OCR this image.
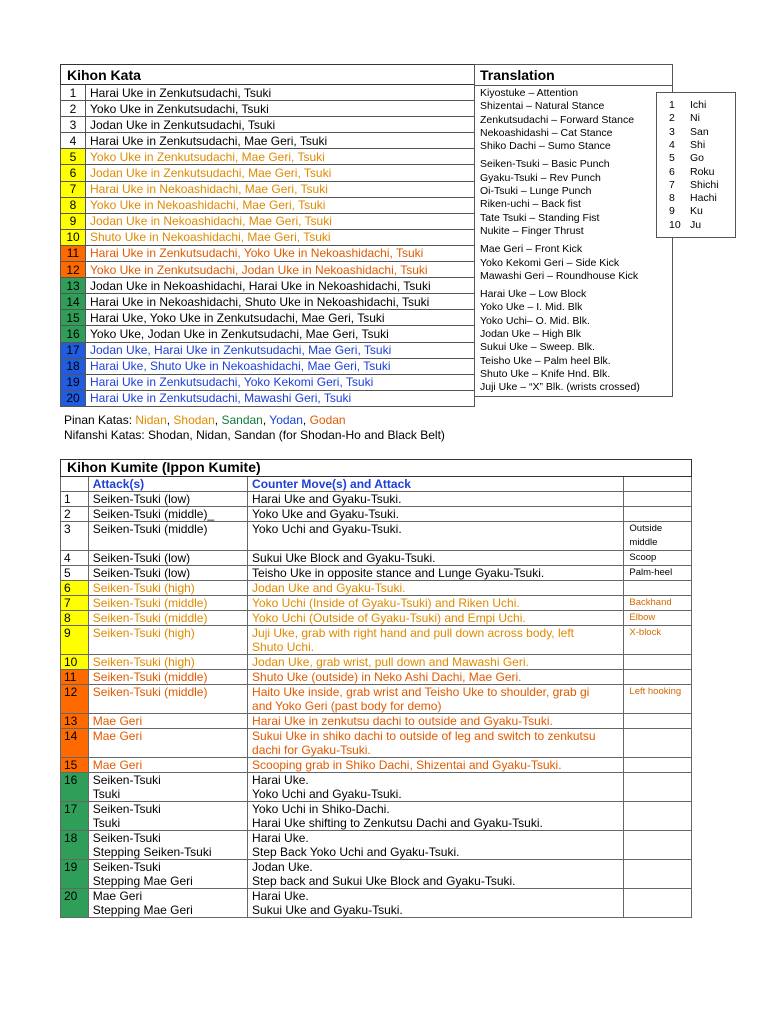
Kihon Kata	
1	Harai Uke in Zenkutsudachi, Tsuki
2	Yoko Uke in Zenkutsudachi, Tsuki
3	Jodan Uke in Zenkutsudachi, Tsuki
4	Harai Uke in Zenkutsudachi, Mae Geri, Tsuki
5	Yoko Uke in Zenkutsudachi, Mae Geri, Tsuki
6	Jodan Uke in Zenkutsudachi, Mae Geri, Tsuki
7	Harai Uke in Nekoashidachi, Mae Geri, Tsuki
8	Yoko Uke in Nekoashidachi, Mae Geri, Tsuki
9	Jodan Uke in Nekoashidachi, Mae Geri, Tsuki
10	Shuto Uke in Nekoashidachi, Mae Geri, Tsuki
11	Harai Uke in Zenkutsudachi, Yoko Uke in Nekoashidachi, Tsuki
12	Yoko Uke in Zenkutsudachi, Jodan Uke in Nekoashidachi, Tsuki
13	Jodan Uke in Nekoashidachi, Harai Uke in Nekoashidachi, Tsuki
14	Harai Uke in Nekoashidachi, Shuto Uke in Nekoashidachi, Tsuki
15	Harai Uke, Yoko Uke in Zenkutsudachi, Mae Geri, Tsuki
16	Yoko Uke, Jodan Uke in Zenkutsudachi, Mae Geri, Tsuki
17	Jodan Uke, Harai Uke in Zenkutsudachi, Mae Geri, Tsuki
18	Harai Uke, Shuto Uke in Nekoashidachi, Mae Geri, Tsuki
19	Harai Uke in Zenkutsudachi, Yoko Kekomi Geri, Tsuki
20	Harai Uke in Zenkutsudachi, Mawashi Geri, Tsuki
Translation
Kiyostuke – Attention
Shizentai – Natural Stance
Zenkutsudachi – Forward Stance
Nekoashidashi – Cat Stance
Shiko Dachi – Sumo Stance
Seiken-Tsuki – Basic Punch
Gyaku-Tsuki – Rev Punch
Oi-Tsuki – Lunge Punch
Riken-uchi – Back fist
Tate Tsuki – Standing Fist
Nukite – Finger Thrust
Mae Geri – Front Kick
Yoko Kekomi Geri – Side Kick
Mawashi Geri – Roundhouse Kick
Harai Uke – Low Block
Yoko Uke – I. Mid. Blk
Yoko Uchi– O. Mid. Blk.
Jodan Uke – High Blk
Sukui Uke – Sweep. Blk.
Teisho Uke – Palm heel Blk.
Shuto Uke – Knife Hnd. Blk.
Juji Uke – “X” Blk. (wrists crossed)
1 Ichi
2 Ni
3 San
4 Shi
5 Go
6 Roku
7 Shichi
8 Hachi
9 Ku
10 Ju
Pinan Katas: Nidan, Shodan, Sandan, Yodan, Godan
Nifanshi Katas: Shodan, Nidan, Sandan (for Shodan-Ho and Black Belt)
Kihon Kumite (Ippon Kumite)			
	Attack(s)	Counter Move(s) and Attack	
1	Seiken-Tsuki (low)	Harai Uke and Gyaku-Tsuki.	

2	Seiken-Tsuki (middle)_	Yoko Uke and Gyaku-Tsuki.	

3	Seiken-Tsuki (middle)	Yoko Uchi and Gyaku-Tsuki.	Outside middle
4	Seiken-Tsuki (low)	Sukui Uke Block and Gyaku-Tsuki.	Scoop
5	Seiken-Tsuki (low)	Teisho Uke in opposite stance and Lunge Gyaku-Tsuki.	Palm-heel
6	Seiken-Tsuki (high)	Jodan Uke and Gyaku-Tsuki.	

7	Seiken-Tsuki (middle)	Yoko Uchi (Inside of Gyaku-Tsuki) and Riken Uchi.	Backhand
8	Seiken-Tsuki (middle)	Yoko Uchi (Outside of Gyaku-Tsuki) and Empi Uchi.	Elbow
9	Seiken-Tsuki (high)	Juji Uke, grab with right hand and pull down across body, left
Shuto Uchi.	X-block
10	Seiken-Tsuki (high)	Jodan Uke, grab wrist, pull down and Mawashi Geri.	

11	Seiken-Tsuki (middle)	Shuto Uke (outside) in Neko Ashi Dachi, Mae Geri.	

12	Seiken-Tsuki (middle)	Haito Uke inside, grab wrist and Teisho Uke to shoulder, grab gi
and Yoko Geri (past body for demo)	Left hooking
13	Mae Geri	Harai Uke in zenkutsu dachi to outside and Gyaku-Tsuki.	

14	Mae Geri	Sukui Uke in shiko dachi to outside of leg and switch to zenkutsu
dachi for Gyaku-Tsuki.	

15	Mae Geri	Scooping grab in Shiko Dachi, Shizentai and Gyaku-Tsuki.	

16	Seiken-Tsuki
Tsuki	Harai Uke.
Yoko Uchi and Gyaku-Tsuki.	

17	Seiken-Tsuki
Tsuki	Yoko Uchi in Shiko-Dachi.
Harai Uke shifting to Zenkutsu Dachi and Gyaku-Tsuki.	

18	Seiken-Tsuki
Stepping Seiken-Tsuki	Harai Uke.
Step Back Yoko Uchi and Gyaku-Tsuki.	

19	Seiken-Tsuki
Stepping Mae Geri	Jodan Uke.
Step back and Sukui Uke Block and Gyaku-Tsuki.	

20	Mae Geri
Stepping Mae Geri	Harai Uke.
Sukui Uke and Gyaku-Tsuki.	
